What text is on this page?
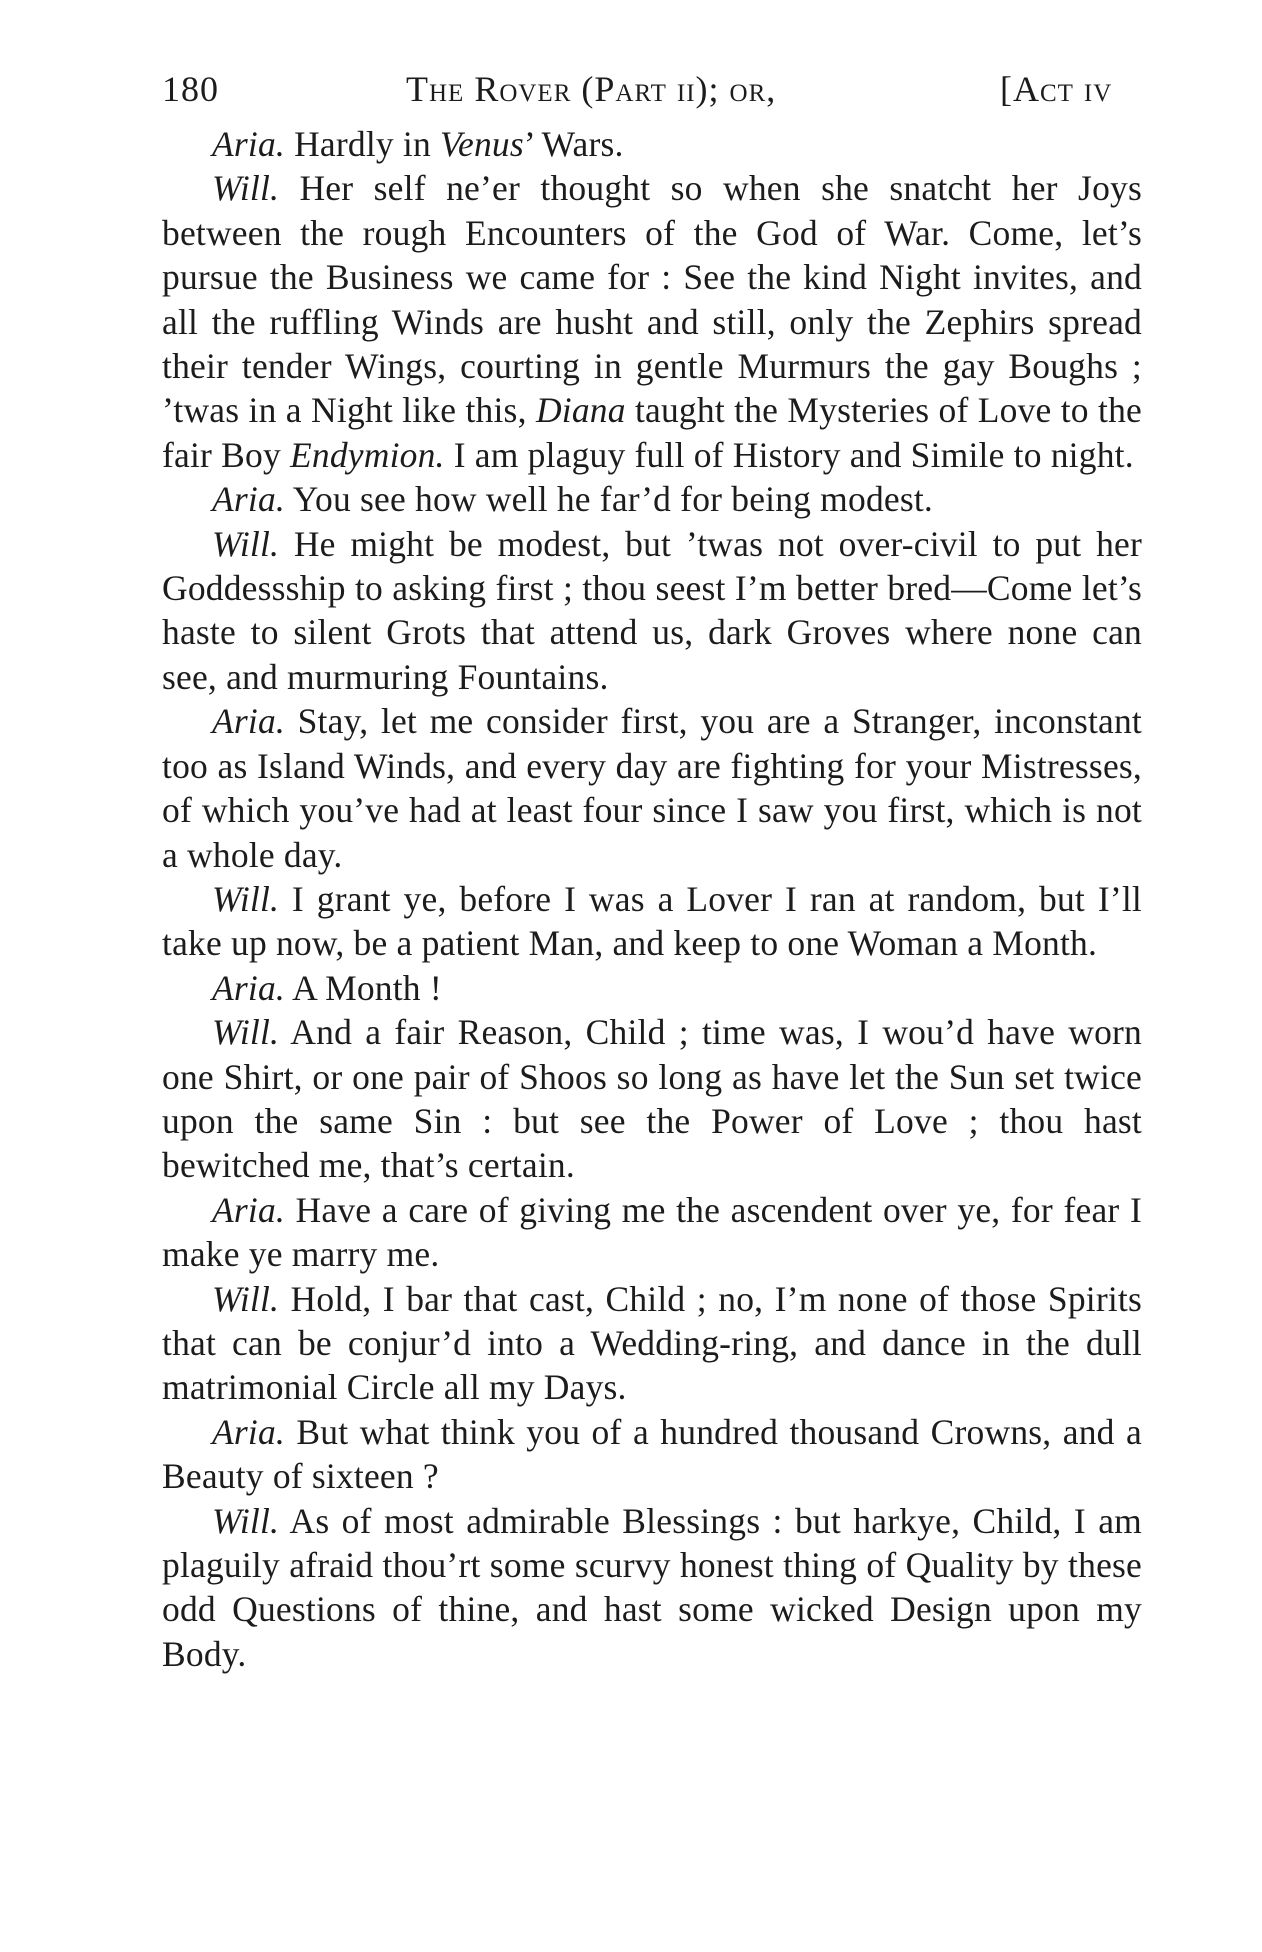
180	The Rover (Part ii); or,	[Act iv

Aria. Hardly in Venus’ Wars.

Will. Her self ne’er thought so when she snatcht her Joys between the rough Encounters of the God of War. Come, let’s pursue the Business we came for : See the kind Night invites, and all the ruffling Winds are husht and still, only the Zephirs spread their tender Wings, courting in gentle Murmurs the gay Boughs ; ’twas in a Night like this, Diana taught the Mysteries of Love to the fair Boy Endymion. I am plaguy full of History and Simile to night.

Aria. You see how well he far’d for being modest.

Will. He might be modest, but ’twas not over-civil to put her Goddessship to asking first ; thou seest I’m better bred—Come let’s haste to silent Grots that attend us, dark Groves where none can see, and murmuring Fountains.

Aria. Stay, let me consider first, you are a Stranger, inconstant too as Island Winds, and every day are fighting for your Mistresses, of which you’ve had at least four since I saw you first, which is not a whole day.

Will. I grant ye, before I was a Lover I ran at random, but I’ll take up now, be a patient Man, and keep to one Woman a Month.

Aria. A Month !

Will. And a fair Reason, Child ; time was, I wou’d have worn one Shirt, or one pair of Shoos so long as have let the Sun set twice upon the same Sin : but see the Power of Love ; thou hast bewitched me, that’s certain.

Aria. Have a care of giving me the ascendent over ye, for fear I make ye marry me.

Will. Hold, I bar that cast, Child ; no, I’m none of those Spirits that can be conjur’d into a Wedding-ring, and dance in the dull matrimonial Circle all my Days.

Aria. But what think you of a hundred thousand Crowns, and a Beauty of sixteen ?

Will. As of most admirable Blessings : but harkye, Child, I am plaguily afraid thou’rt some scurvy honest thing of Quality by these odd Questions of thine, and hast some wicked Design upon my Body.
